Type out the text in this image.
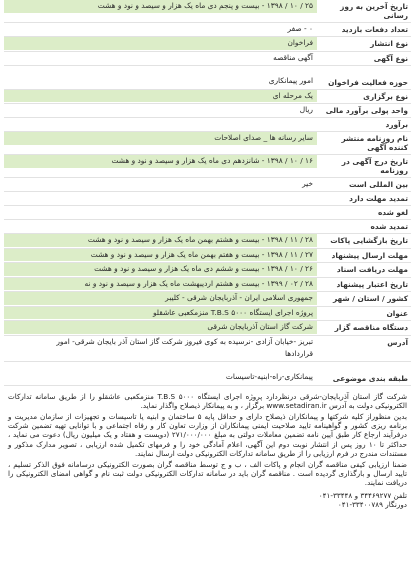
تاریخ آخرین به روز رسانی
۲۵ / ۱۰ / ۱۳۹۸ - بیست و پنجم دی ماه یک هزار و سیصد و نود و هشت
تعداد دفعات بازدید
۰ - صفر
نوع انتشار
فراخوان
نوع آگهی
آگهی مناقصه
حوزه فعالیت فراخوان
امور پیمانکاری
نوع برگزاری
یک مرحله ای
واحد پولی برآورد مالی
ریال
برآورد
نام روزنامه منتشر کننده آگهی
سایر رسانه ها _ صدای اصلاحات
تاریخ درج آگهی در روزنامه
۱۶ / ۱۰ / ۱۳۹۸ - شانزدهم دی ماه یک هزار و سیصد و نود و هشت
بین المللی است
خیر
تمدید مهلت دارد
لغو شده
تمدید شده
تاریخ بازگشایی پاکات
۲۸ / ۱۱ / ۱۳۹۸ - بیست و هشتم بهمن ماه یک هزار و سیصد و نود و هشت
مهلت ارسال پیشنهاد
۲۷ / ۱۱ / ۱۳۹۸ - بیست و هفتم بهمن ماه یک هزار و سیصد و نود و هشت
مهلت دریافت اسناد
۲۶ / ۱۰ / ۱۳۹۸ - بیست و ششم دی ماه یک هزار و سیصد و نود و هشت
تاریخ اعتبار پیشنهاد
۲۸ / ۰۲ / ۱۳۹۹ - بیست و هشتم اردیبهشت ماه یک هزار و سیصد و نود و نه
کشور / استان / شهر
جمهوری اسلامی ایران - آذربایجان شرقی - کلیبر
عنوان
پروژه اجرای ایستگاه ۵۰۰۰ T.B.S منزمکعبی عاشقلو
دستگاه مناقصه گزار
شرکت گاز استان آذربایجان شرقی
آدرس
تبریز -خیابان آزادی -نرسیده به کوی فیروز شرکت گاز استان آذر بایجان شرقی- امور
قراردادها
طبقه بندی موضوعی
پیمانکاری-راه-ابنیه-تاسیسات

شرکت گاز استان آذربایجان-شرقی درنظردارد پروژه اجرای ایستگاه ۵۰۰۰ T.B.S منزمکعبی عاشقلو را از طریق سامانه تدارکات الکترونیکی دولت به آدرس www.setadiran.ir برگزار ، و به پیمانکار ذیصلاح واگذار نماید.

بدین منظوراز کلیه شرکتها و پیمانکاران ذیصلاح دارای و حداقل پایه ۵ ساختمان و ابنیه یا تاسیسات و تجهیزات از سازمان مدیریت و برنامه ریزی کشور و گواهینامه تایید صلاحیت ایمنی پیمانکاران از وزارت تعاون کار و رفاه اجتماعی و با توانایی تهیه تضمین شرکت درفرآیند ارجاع کار طبق آیین نامه تضمین معاملات دولتی به مبلغ ۲۷۱/۰۰۰/۰۰۰ (دویست و هفتاد و یک میلیون ریال) دعوت می نماید ، حداکثر تا ۱۰ روز پس از انتشار نوبت دوم این آگهی، اعلام آمادگی خود را و فرمهای تکمیل شده ارزیابی ، تصویر مدارک مذکور و مستندات مندرج در فرم ارزیابی را از طریق سامانه تدارکات الکترونیکی دولت ارسال نمایند.

ضمنا ارزیابی کیفی مناقصه گران انجام و پاکات الف ، ب و ج توسط مناقصه گران بصورت الکترونیکی درسامانه فوق الذکر تسلیم ، تایید ارسال و بارگذاری گردیده است . مناقصه گران باید در سامانه تدارکات الکترونیکی دولت ثبت نام و گواهی امضای الکترونیکی را دریافت نمایند.

تلفن ۳۴۴۶۹۲۷۷ و ۳۳۴۴۸-۰۴۱
دورنگار ۳۳۴۰۰۷۸۹-۰۴۱
